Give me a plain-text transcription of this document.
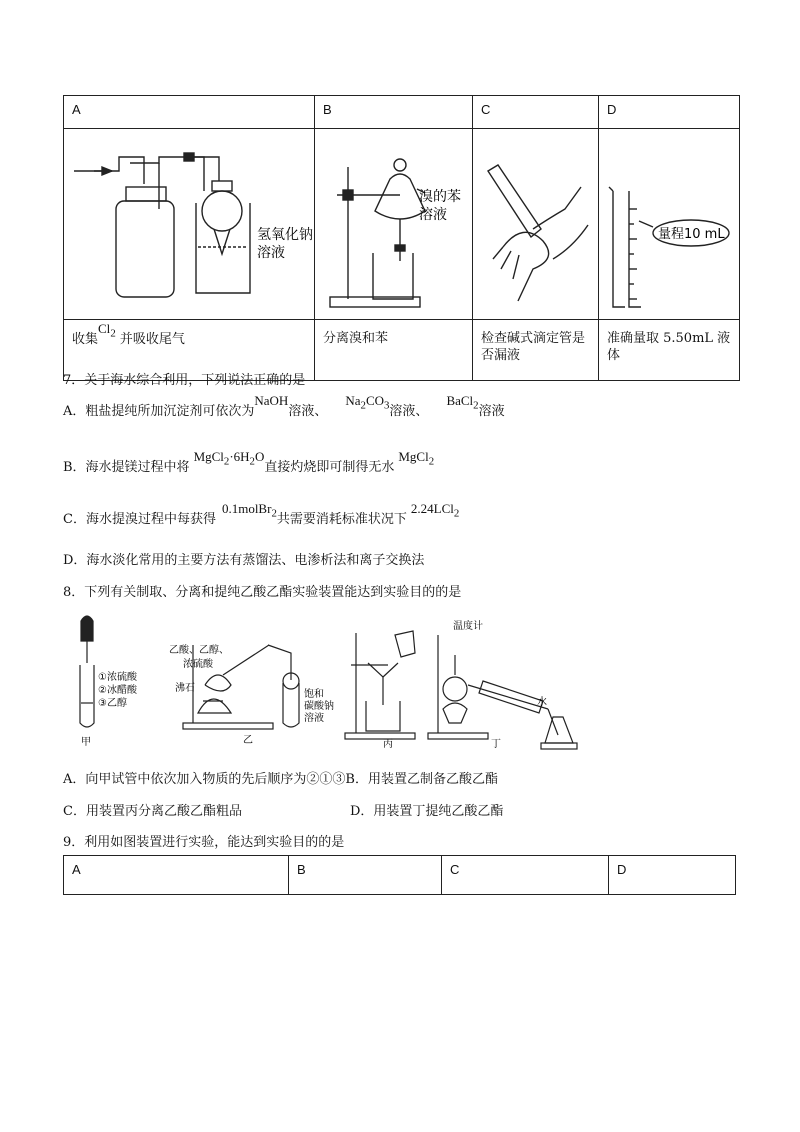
A	B	C	D

氢氧化钠
溶液	溴的苯
溶液		量程10 mL

收集$Cl_2$ 并吸收尾气	分离溴和苯	检查碱式滴定管是否漏液	准确量取 5.50mL 液体
7．关于海水综合利用，下列说法正确的是
A．粗盐提纯所加沉淀剂可依次为NaOH溶液、$Na_2CO_3$溶液、BaCl$_2$溶液
B．海水提镁过程中将$MgCl_2\cdot 6H_2O$直接灼烧即可制得无水MgCl$_2$
C．海水提溴过程中每获得0.1molBr$_2$共需要消耗标准状况下2.24LCl$_2$
D．海水淡化常用的主要方法有蒸馏法、电渗析法和离子交换法
8．下列有关制取、分离和提纯乙酸乙酯实验装置能达到实验目的的是
①浓硫酸
②冰醋酸
③乙醇
甲
乙酸、乙醇、
浓硫酸
沸石
饱和
碳酸钠
溶液
乙	丙
温度计
水
丁
A．向甲试管中依次加入物质的先后顺序为②①③B．用装置乙制备乙酸乙酯
C．用装置丙分离乙酸乙酯粗品	D．用装置丁提纯乙酸乙酯
9．利用如图装置进行实验，能达到实验目的的是
A	B	C	D
